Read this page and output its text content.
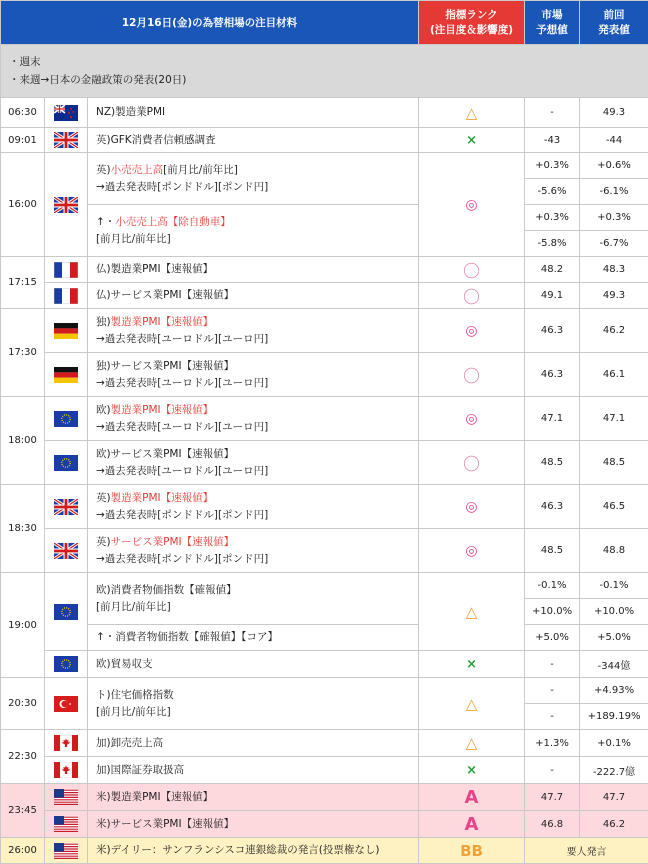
12月16日(金)の為替相場の注目材料			指標ランク
(注目度＆影響度)	市場
予想値	前回
発表値

・週末
・来週→日本の金融政策の発表(20日)					

06:30		NZ)製造業PMI	△	-	49.3
09:01		英)GFK消費者信頼感調査	×	-43	-44
16:00		英)小売売上高[前月比/前年比]
→過去発表時[ポンドドル][ポンド円]	◎	+0.3%	+0.6%
				-5.6%	-6.1%

		↑・小売売上高【除自動車】
[前月比/前年比]		+0.3%	+0.3%
				-5.8%	-6.7%
17:15		仏)製造業PMI【速報値】	〇	48.2	48.3

	仏)サービス業PMI【速報値】	〇	49.1	49.3
17:30		独)製造業PMI【速報値】
→過去発表時[ユーロドル][ユーロ円]	◎	46.3	46.2

独)サービス業PMI【速報値】
→過去発表時[ユーロドル][ユーロ円]	〇	46.3	46.1
18:00		欧)製造業PMI【速報値】
→過去発表時[ユーロドル][ユーロ円]	◎	47.1	47.1

欧)サービス業PMI【速報値】
→過去発表時[ユーロドル][ユーロ円]	〇	48.5	48.5
18:30		英)製造業PMI【速報値】
→過去発表時[ポンドドル][ポンド円]	◎	46.3	46.5

英)サービス業PMI【速報値】
→過去発表時[ポンドドル][ポンド円]	◎	48.5	48.8
19:00		欧)消費者物価指数【確報値】
[前月比/前年比]	△	-0.1%	-0.1%
				+10.0%	+10.0%
		↑・消費者物価指数【確報値】【コア】		+5.0%	+5.0%

	欧)貿易収支	×	-	-344億
20:30		ト)住宅価格指数
[前月比/前年比]	△	-	+4.93%
				-	+189.19%
22:30		加)卸売売上高	△	+1.3%	+0.1%

	加)国際証券取扱高	×	-	-222.7億
23:45		米)製造業PMI【速報値】	A	47.7	47.7

	米)サービス業PMI【速報値】	A	46.8	46.2
26:00		米)デイリー：サンフランシスコ連銀総裁の発言(投票権なし)	BB	要人発言	
